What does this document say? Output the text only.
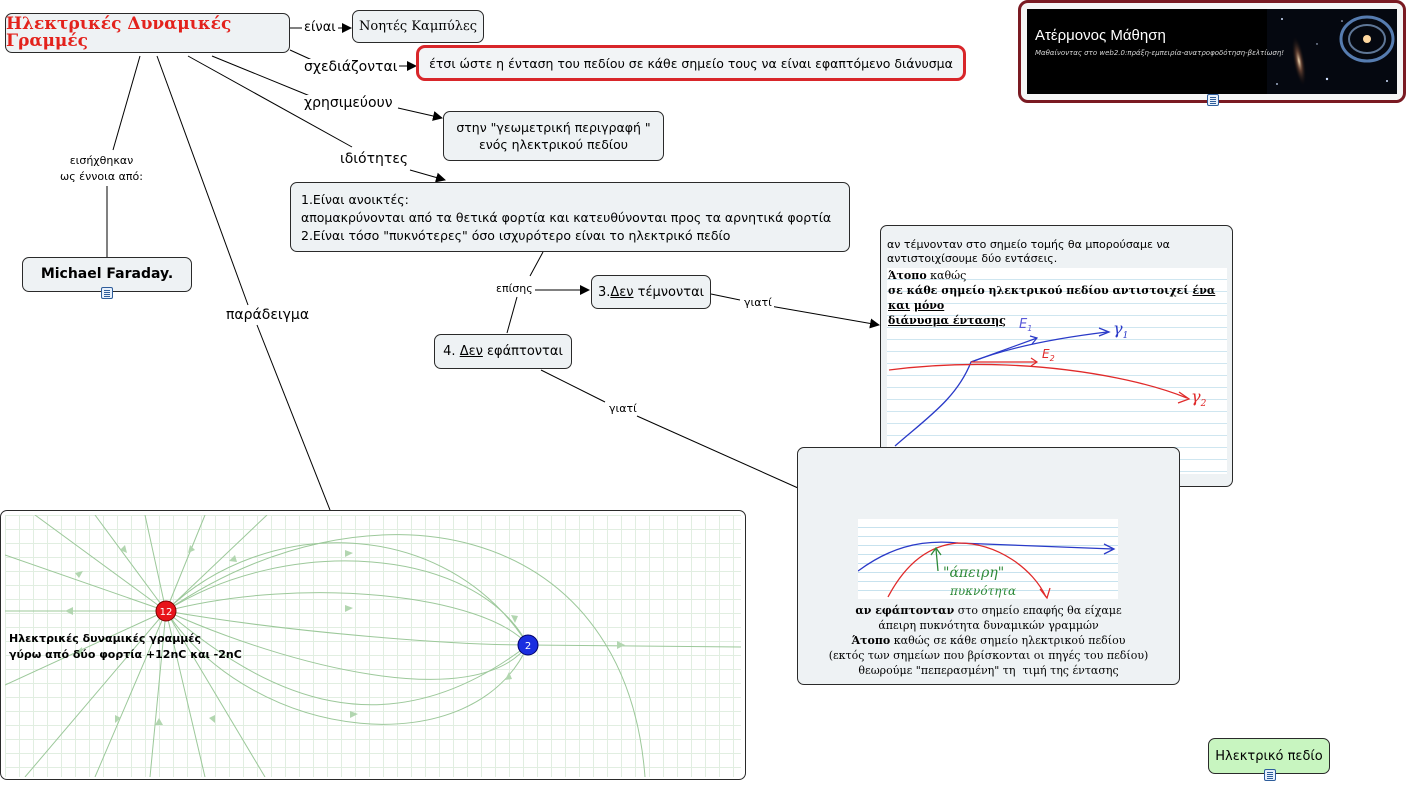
Ηλεκτρικές Δυναμικές Γραμμές
είναι
σχεδιάζονται
χρησιμεύουν
ιδιότητες
εισήχθηκαν
ως έννοια από:
παράδειγμα
επίσης
γιατί
γιατί
Νοητές Καμπύλες
έτσι ώστε η ένταση του πεδίου σε κάθε σημείο τους να είναι εφαπτόμενο διάνυσμα
Ατέρμονος Μάθηση
Μαθαίνοντας στο web2.0:πράξη-εμπειρία-ανατροφοδότηση-βελτίωση!
στην "γεωμετρική περιγραφή "
ενός ηλεκτρικού πεδίου
1.Είναι ανοικτές:
απομακρύνονται από τα θετικά φορτία και κατευθύνονται προς τα αρνητικά φορτία
2.Είναι τόσο "πυκνότερες" όσο ισχυρότερο είναι το ηλεκτρικό πεδίο
Michael Faraday.
3. Δεν τέμνονται
4. Δεν εφάπτονται
αν τέμνονταν στο σημείο τομής θα μπορούσαμε να αντιστοιχίσουμε δύο εντάσεις.
Άτοπο καθώς
σε κάθε σημείο ηλεκτρικού πεδίου αντιστοιχεί ένα και μόνο
διάνυσμα έντασης	$E_1$
$E_2$
$\gamma_1$
$\gamma_2$
"άπειρη"
πυκνότητα
αν εφάπτονταν στο σημείο επαφής θα είχαμε
άπειρη πυκνότητα δυναμικών γραμμών
Άτοπο καθώς σε κάθε σημείο ηλεκτρικού πεδίου
(εκτός των σημείων που βρίσκονται οι πηγές του πεδίου)
θεωρούμε "πεπερασμένη" τη  τιμή της έντασης
12
2
Ηλεκτρικές δυναμικές γραμμές
γύρω από δύο φορτία +12nC και -2nC
Ηλεκτρικό πεδίο
